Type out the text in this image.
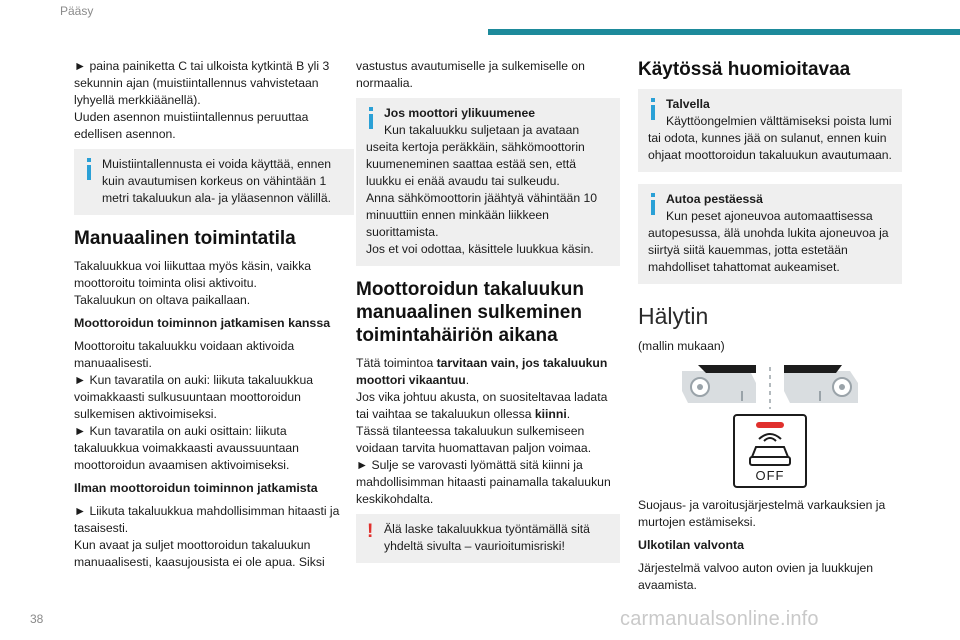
Pääsy

► paina painiketta C tai ulkoista kytkintä B yli 3 sekunnin ajan (muistiintallennus vahvistetaan lyhyellä merkkiäänellä).
Uuden asennon muistiintallennus peruuttaa edellisen asennon.

Muistiintallennusta ei voida käyttää, ennen kuin avautumisen korkeus on vähintään 1 metri takaluukun ala- ja yläasennon välillä.
Manuaalinen toimintatila

Takaluukkua voi liikuttaa myös käsin, vaikka moottoroitu toiminta olisi aktivoitu.
Takaluukun on oltava paikallaan.

Moottoroidun toiminnon jatkamisen kanssa

Moottoroitu takaluukku voidaan aktivoida manuaalisesti.
► Kun tavaratila on auki: liikuta takaluukkua voimakkaasti sulkusuuntaan moottoroidun sulkemisen aktivoimiseksi.
► Kun tavaratila on auki osittain: liikuta takaluukkua voimakkaasti avaussuuntaan moottoroidun avaamisen aktivoimiseksi.

Ilman moottoroidun toiminnon jatkamista

► Liikuta takaluukkua mahdollisimman hitaasti ja tasaisesti.
Kun avaat ja suljet moottoroidun takaluukun manuaalisesti, kaasujousista ei ole apua. Siksi

vastustus avautumiselle ja sulkemiselle on normaalia.

Jos moottori ylikuumenee
Kun takaluukku suljetaan ja avataan useita kertoja peräkkäin, sähkömoottorin kuumeneminen saattaa estää sen, että luukku ei enää avaudu tai sulkeudu.
Anna sähkömoottorin jäähtyä vähintään 10 minuuttiin ennen minkään liikkeen suorittamista.
Jos et voi odottaa, käsittele luukkua käsin.
Moottoroidun takaluukun manuaalinen sulkeminen toimintahäiriön aikana

Tätä toimintoa tarvitaan vain, jos takaluukun moottori vikaantuu.
Jos vika johtuu akusta, on suositeltavaa ladata tai vaihtaa se takaluukun ollessa kiinni.
Tässä tilanteessa takaluukun sulkemiseen voidaan tarvita huomattavan paljon voimaa.
► Sulje se varovasti lyömättä sitä kiinni ja mahdollisimman hitaasti painamalla takaluukun keskikohdalta.

! Älä laske takaluukkua työntämällä sitä yhdeltä sivulta – vaurioitumisriski!
Käytössä huomioitavaa
Talvella
Käyttöongelmien välttämiseksi poista lumi tai odota, kunnes jää on sulanut, ennen kuin ohjaat moottoroidun takaluukun avautumaan.
Autoa pestäessä
Kun peset ajoneuvoa automaattisessa autopesussa, älä unohda lukita ajoneuvoa ja siirtyä siitä kauemmas, jotta estetään mahdolliset tahattomat aukeamiset.
Hälytin

(mallin mukaan)

OFF

Suojaus- ja varoitusjärjestelmä varkauksien ja murtojen estämiseksi.

Ulkotilan valvonta

Järjestelmä valvoo auton ovien ja luukkujen avaamista.

38	carmanualsonline.info
